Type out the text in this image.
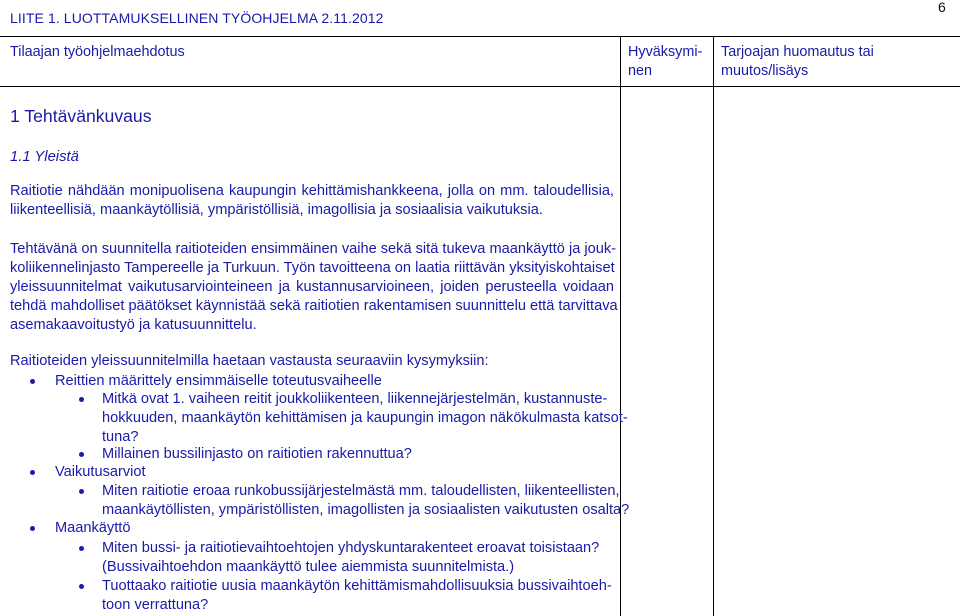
LIITE 1. LUOTTAMUKSELLINEN TYÖOHJELMA 2.11.2012
6
Tilaajan työohjelmaehdotus	Hyväksymi-
nen
Tarjoajan huomautus tai
muutos/lisäys
1 Tehtävänkuvaus
1.1 Yleistä
Raitiotie nähdään monipuolisena kaupungin kehittämishankkeena, jolla on mm. taloudellisia,
liikenteellisiä, maankäytöllisiä, ympäristöllisiä, imagollisia ja sosiaalisia vaikutuksia.
Tehtävänä on suunnitella raitioteiden ensimmäinen vaihe sekä sitä tukeva maankäyttö ja jouk-
koliikennelinjasto Tampereelle ja Turkuun. Työn tavoitteena on laatia riittävän yksityiskohtaiset
yleissuunnitelmat vaikutusarviointeineen ja kustannusarvioineen, joiden perusteella voidaan
tehdä mahdolliset päätökset käynnistää sekä raitiotien rakentamisen suunnittelu että tarvittava
asemakaavoitustyö ja katusuunnittelu.
Raitioteiden yleissuunnitelmilla haetaan vastausta seuraaviin kysymyksiin:
Reittien määrittely ensimmäiselle toteutusvaiheelle
Mitkä ovat 1. vaiheen reitit joukkoliikenteen, liikennejärjestelmän, kustannuste-
hokkuuden, maankäytön kehittämisen ja kaupungin imagon näkökulmasta katsot-
tuna?
Millainen bussilinjasto on raitiotien rakennuttua?
Vaikutusarviot
Miten raitiotie eroaa runkobussijärjestelmästä mm. taloudellisten, liikenteellisten,
maankäytöllisten, ympäristöllisten, imagollisten ja sosiaalisten vaikutusten osalta?
Maankäyttö
Miten bussi- ja raitiotievaihtoehtojen yhdyskuntarakenteet eroavat toisistaan?
(Bussivaihtoehdon maankäyttö tulee aiemmista suunnitelmista.)
Tuottaako raitiotie uusia maankäytön kehittämismahdollisuuksia bussivaihtoeh-
toon verrattuna?
